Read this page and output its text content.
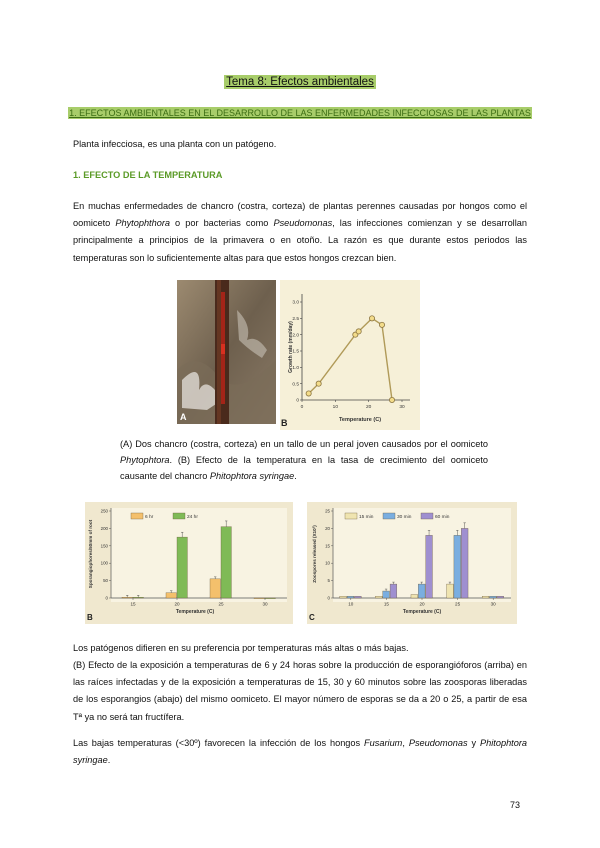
Tema 8: Efectos ambientales
1. EFECTOS AMBIENTALES EN EL DESARROLLO DE LAS ENFERMEDADES INFECCIOSAS DE LAS PLANTAS
Planta infecciosa, es una planta con un patógeno.
1. EFECTO DE LA TEMPERATURA
En muchas enfermedades de chancro (costra, corteza) de plantas perennes causadas por hongos como el oomiceto Phytophthora o por bacterias como Pseudomonas, las infecciones comienzan y se desarrollan principalmente a principios de la primavera o en otoño. La razón es que durante estos periodos las temperaturas son lo suficientemente altas para que estos hongos crezcan bien.
A
0
0.5
1.0
1.5
2.0
2.5
3.0
0	10	20	30
Growth rate (mm/day)
Temperature (C)
B
(A) Dos chancro (costra, corteza) en un tallo de un peral joven causados por el oomiceto Phytophtora. (B) Efecto de la temperatura en la tasa de crecimiento del oomiceto causante del chancro Phitophtora syringae.
0
50
100
150
200
250
15	20	25	30
6 hr	24 hr
Sporangiophores/50mm of root
Temperature (C)
B
0
5
10
15
20
25
10	15	20	25	30
15 min	30 min	60 min
Zoospores released (X10³)
Temperature (C)
C
Los patógenos difieren en su preferencia por temperaturas más altas o más bajas.
(B) Efecto de la exposición a temperaturas de 6 y 24 horas sobre la producción de esporangióforos (arriba) en las raíces infectadas y de la exposición a temperaturas de 15, 30 y 60 minutos sobre las zoosporas liberadas de los esporangios (abajo) del mismo oomiceto. El mayor número de esporas se da a 20 o 25, a partir de esa Tª ya no será tan fructífera.
Las bajas temperaturas (<30º) favorecen la infección de los hongos Fusarium, Pseudomonas y Phitophtora syringae.
73
